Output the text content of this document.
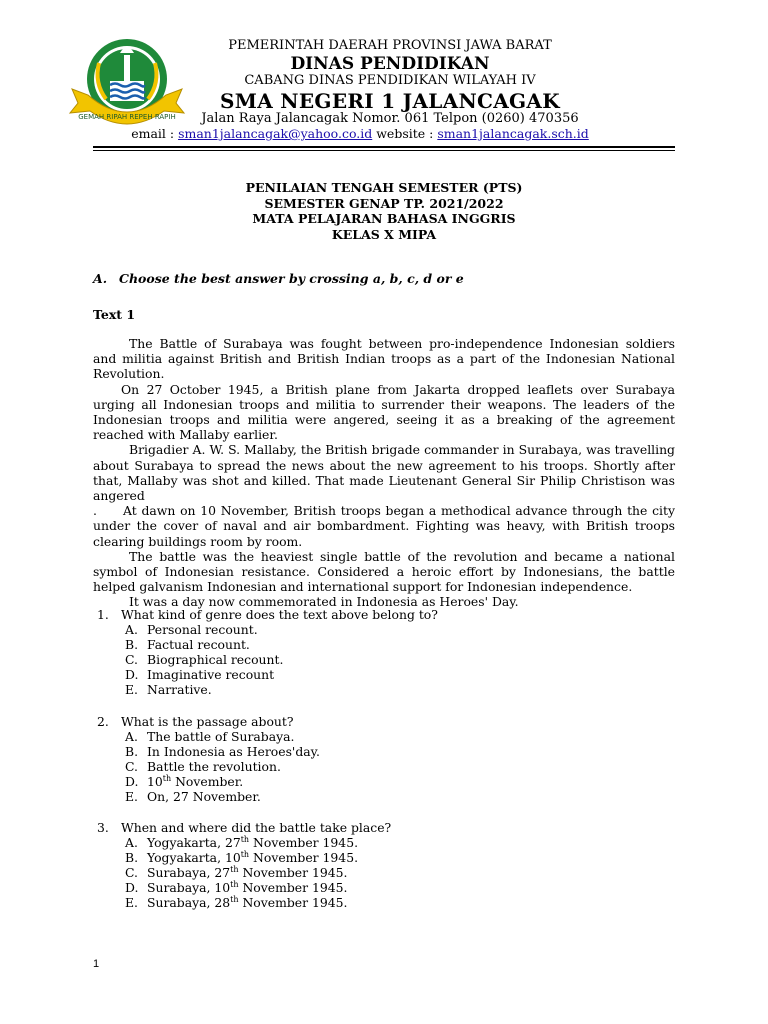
GEMAH RIPAH REPEH RAPIH
PEMERINTAH DAERAH PROVINSI JAWA BARAT
DINAS PENDIDIKAN
CABANG DINAS PENDIDIKAN WILAYAH IV
SMA NEGERI 1 JALANCAGAK
Jalan Raya Jalancagak Nomor. 061 Telpon (0260) 470356
email : sman1jalancagak@yahoo.co.id website : sman1jalancagak.sch.id
PENILAIAN TENGAH SEMESTER (PTS)
SEMESTER GENAP TP. 2021/2022
MATA PELAJARAN BAHASA INGGRIS
KELAS X MIPA
A. Choose the best answer by crossing a, b, c, d or e
Text 1

The Battle of Surabaya was fought between pro-independence Indonesian soldiers and militia against British and British Indian troops as a part of the Indonesian National Revolution.

On 27 October 1945, a British plane from Jakarta dropped leaflets over Surabaya urging all Indonesian troops and militia to surrender their weapons. The leaders of the Indonesian troops and militia were angered, seeing it as a breaking of the agreement reached with Mallaby earlier.

Brigadier A. W. S. Mallaby, the British brigade commander in Surabaya, was travelling about Surabaya to spread the news about the new agreement to his troops. Shortly after that, Mallaby was shot and killed. That made Lieutenant General Sir Philip Christison was angered

. At dawn on 10 November, British troops began a methodical advance through the city under the cover of naval and air bombardment. Fighting was heavy, with British troops clearing buildings room by room.

The battle was the heaviest single battle of the revolution and became a national symbol of Indonesian resistance. Considered a heroic effort by Indonesians, the battle helped galvanism Indonesian and international support for Indonesian independence.

It was a day now commemorated in Indonesia as Heroes' Day.

1. What kind of genre does the text above belong to?
A. Personal recount.
B. Factual recount.
C. Biographical recount.
D. Imaginative recount
E. Narrative.
2. What is the passage about?
A. The battle of Surabaya.
B. In Indonesia as Heroes'day.
C. Battle the revolution.
D. 10th November.
E. On, 27 November.
3. When and where did the battle take place?
A. Yogyakarta, 27th November 1945.
B. Yogyakarta, 10th November 1945.
C. Surabaya, 27th November 1945.
D. Surabaya, 10th November 1945.
E. Surabaya, 28th November 1945.
1
